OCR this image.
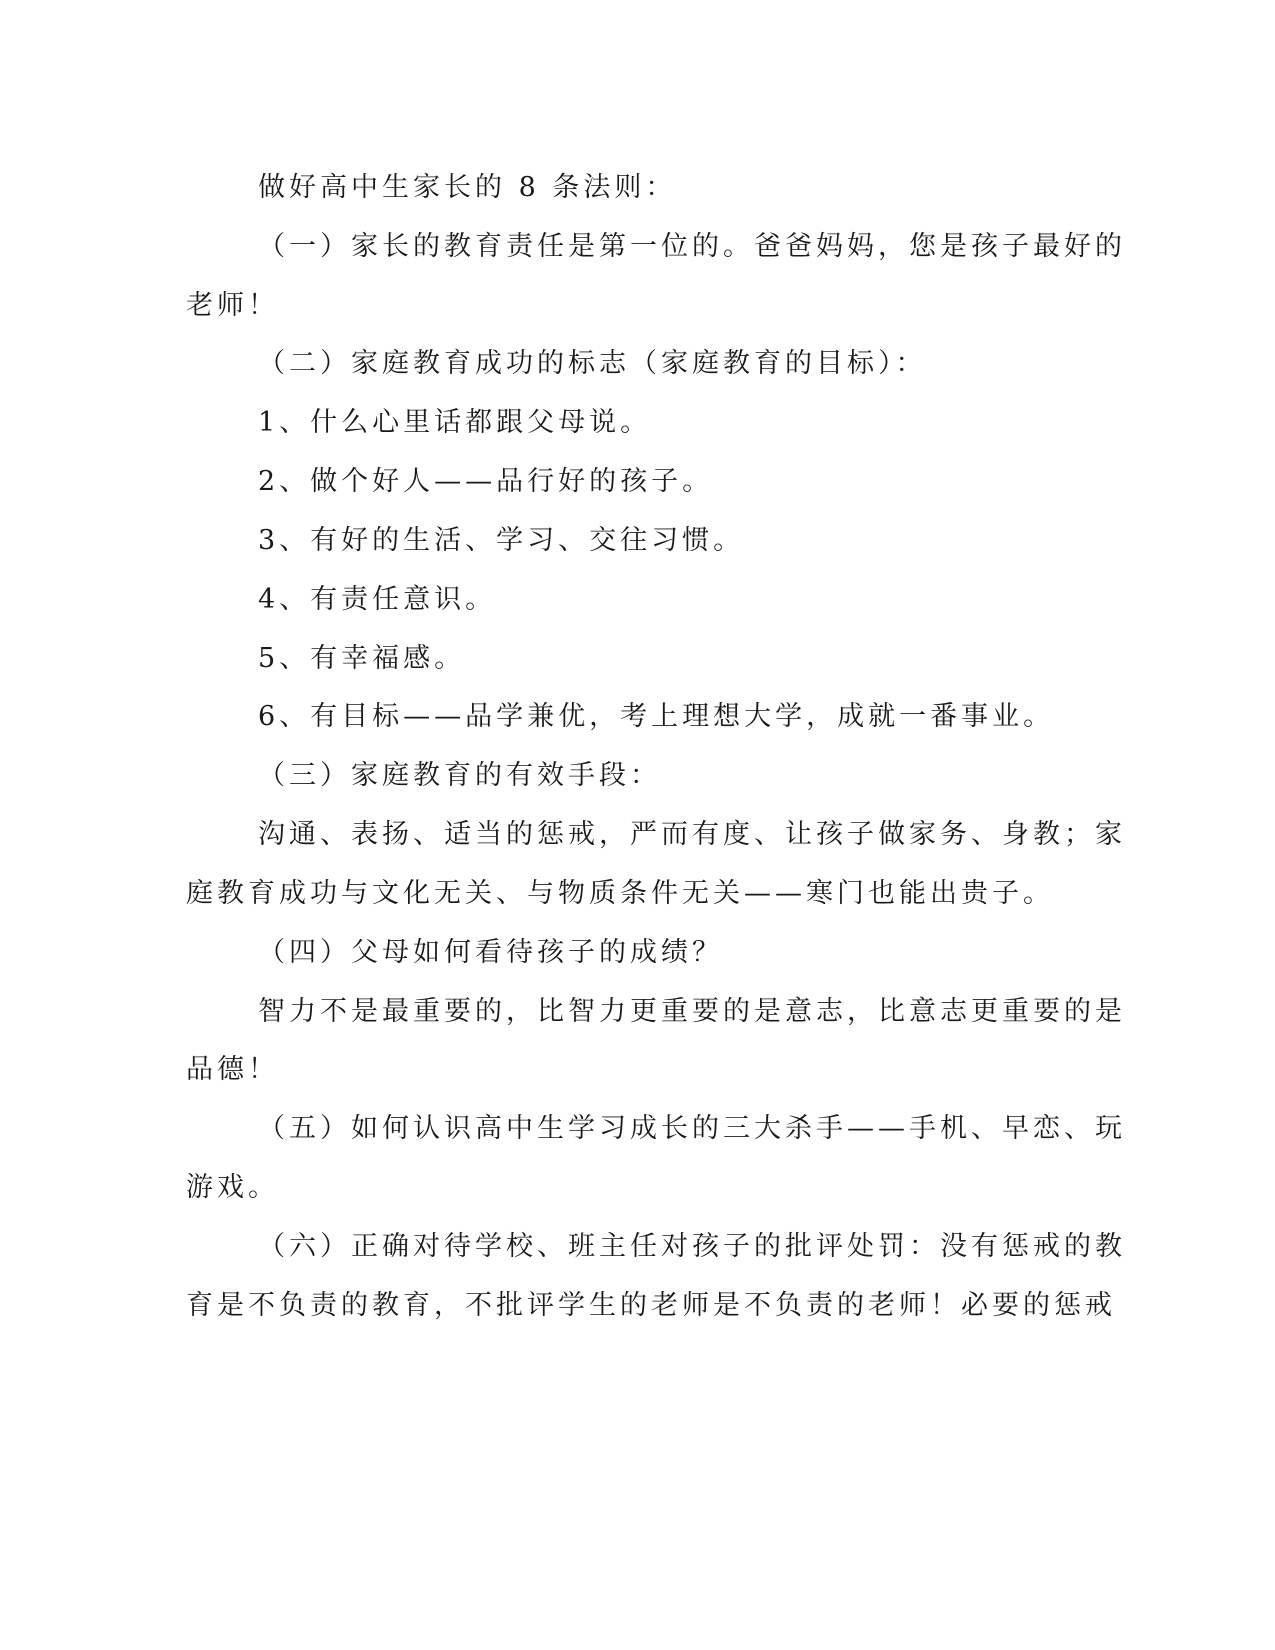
做好高中生家长的 8 条法则：
（一）家长的教育责任是第一位的。爸爸妈妈，您是孩子最好的
老师！
（二）家庭教育成功的标志（家庭教育的目标）：
1、什么心里话都跟父母说。
2、做个好人——品行好的孩子。
3、有好的生活、学习、交往习惯。
4、有责任意识。
5、有幸福感。
6、有目标——品学兼优，考上理想大学，成就一番事业。
（三）家庭教育的有效手段：
沟通、表扬、适当的惩戒，严而有度、让孩子做家务、身教；家
庭教育成功与文化无关、与物质条件无关——寒门也能出贵子。
（四）父母如何看待孩子的成绩？
智力不是最重要的，比智力更重要的是意志，比意志更重要的是
品德！
（五）如何认识高中生学习成长的三大杀手——手机、早恋、玩
游戏。
（六）正确对待学校、班主任对孩子的批评处罚：没有惩戒的教
育是不负责的教育，不批评学生的老师是不负责的老师！必要的惩戒
